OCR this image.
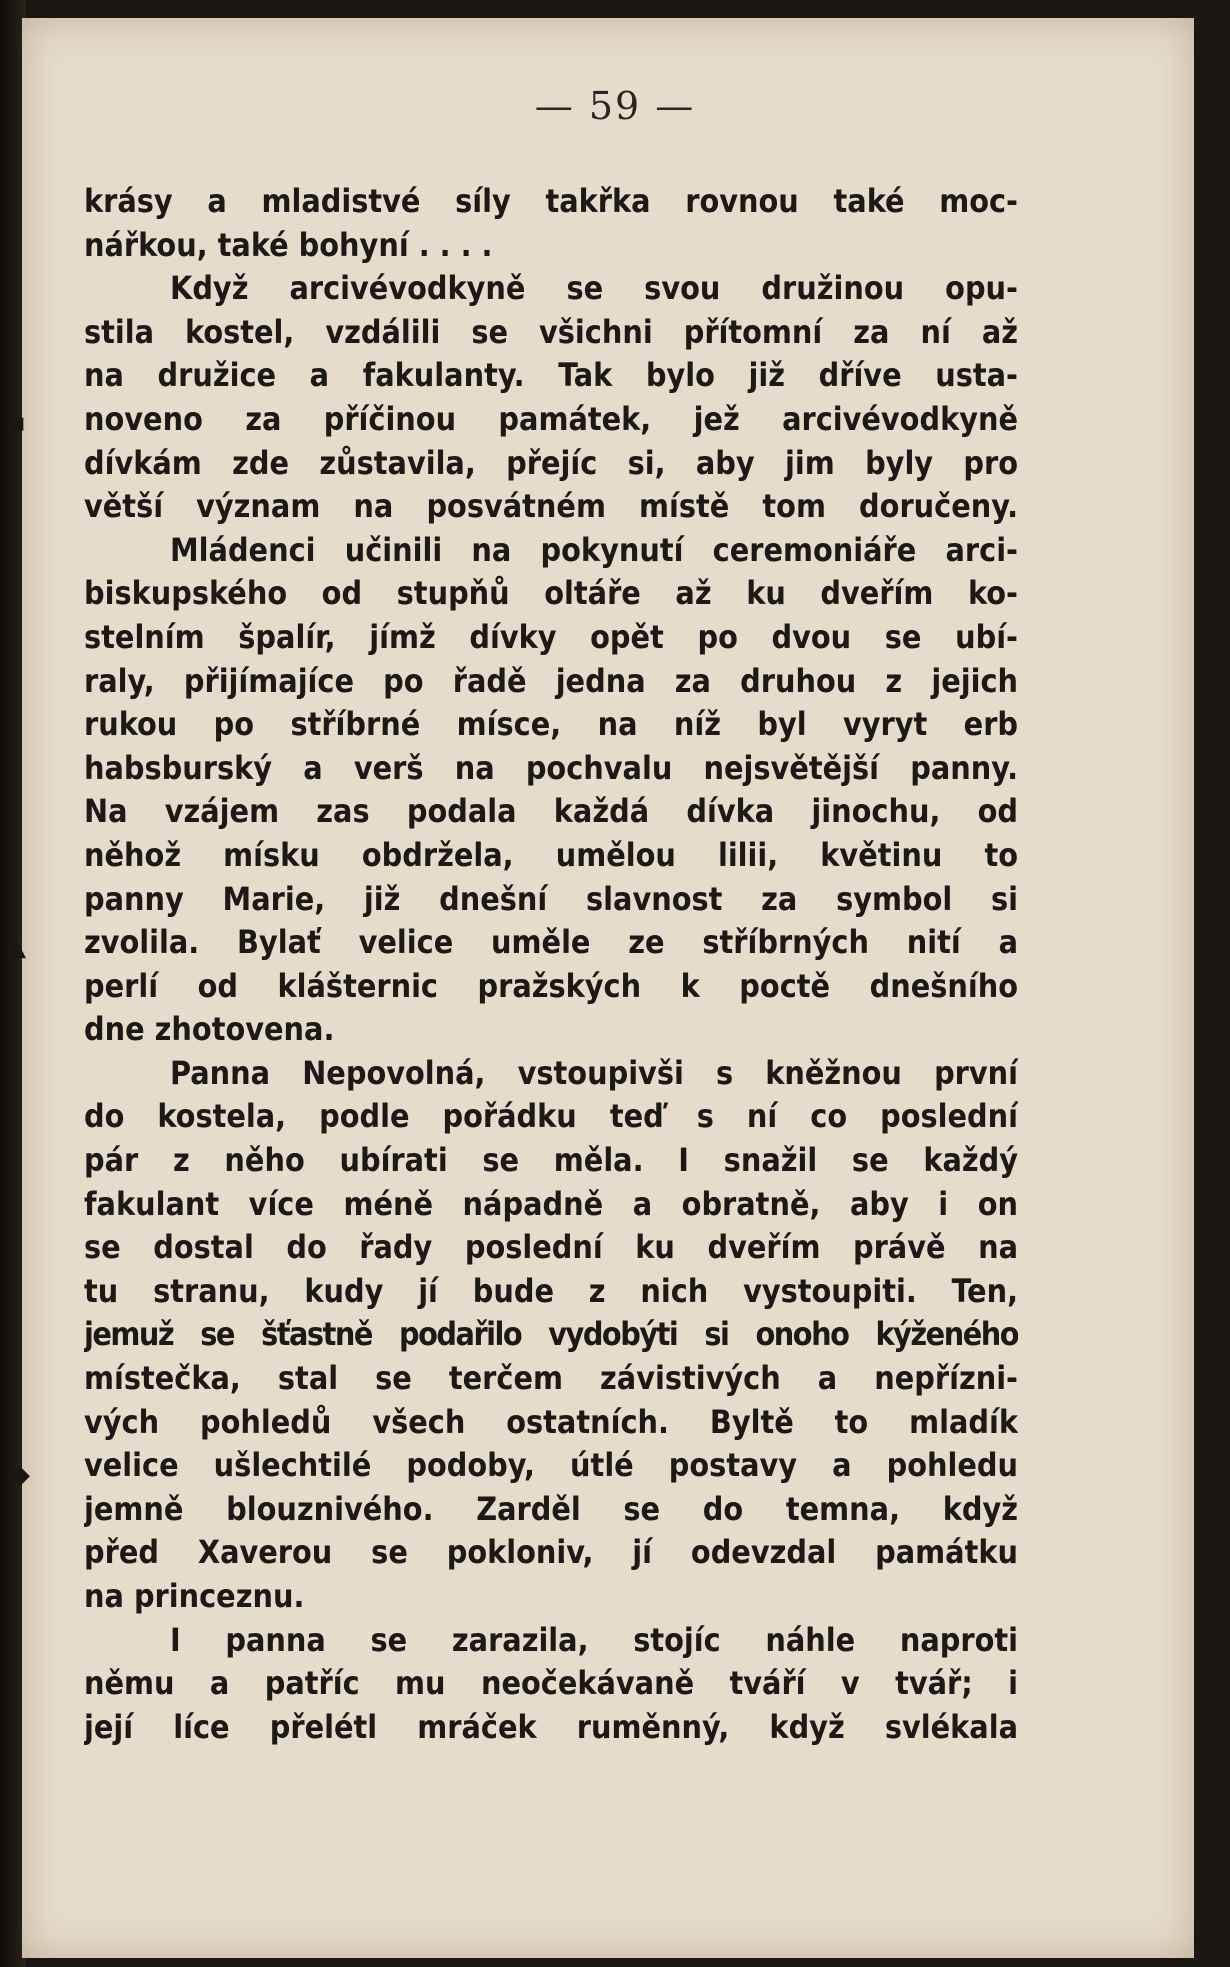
— 59 —
krásy a mladistvé síly takřka rovnou také moc-
nářkou, také bohyní . . . .
Když arcivévodkyně se svou družinou opu-
stila kostel, vzdálili se všichni přítomní za ní až
na družice a fakulanty. Tak bylo již dříve usta-
noveno za příčinou památek, jež arcivévodkyně
dívkám zde zůstavila, přejíc si, aby jim byly pro
větší význam na posvátném místě tom doručeny.
Mládenci učinili na pokynutí ceremoniáře arci-
biskupského od stupňů oltáře až ku dveřím ko-
stelním špalír, jímž dívky opět po dvou se ubí-
raly, přijímajíce po řadě jedna za druhou z jejich
rukou po stříbrné mísce, na níž byl vyryt erb
habsburský a verš na pochvalu nejsvětější panny.
Na vzájem zas podala každá dívka jinochu, od
něhož mísku obdržela, umělou lilii, květinu to
panny Marie, již dnešní slavnost za symbol si
zvolila. Bylať velice uměle ze stříbrných nití a
perlí od klášternic pražských k poctě dnešního
dne zhotovena.
Panna Nepovolná, vstoupivši s kněžnou první
do kostela, podle pořádku teď s ní co poslední
pár z něho ubírati se měla. I snažil se každý
fakulant více méně nápadně a obratně, aby i on
se dostal do řady poslední ku dveřím právě na
tu stranu, kudy jí bude z nich vystoupiti. Ten,
jemuž se šťastně podařilo vydobýti si onoho kýženého
místečka, stal se terčem závistivých a nepřízni-
vých pohledů všech ostatních. Byltě to mladík
velice ušlechtilé podoby, útlé postavy a pohledu
jemně blouznivého. Zarděl se do temna, když
před Xaverou se pokloniv, jí odevzdal památku
na princeznu.
I panna se zarazila, stojíc náhle naproti
němu a patříc mu neočekávaně tváří v tvář; i
její líce přelétl mráček ruměnný, když svlékala
▪
▲
◆
